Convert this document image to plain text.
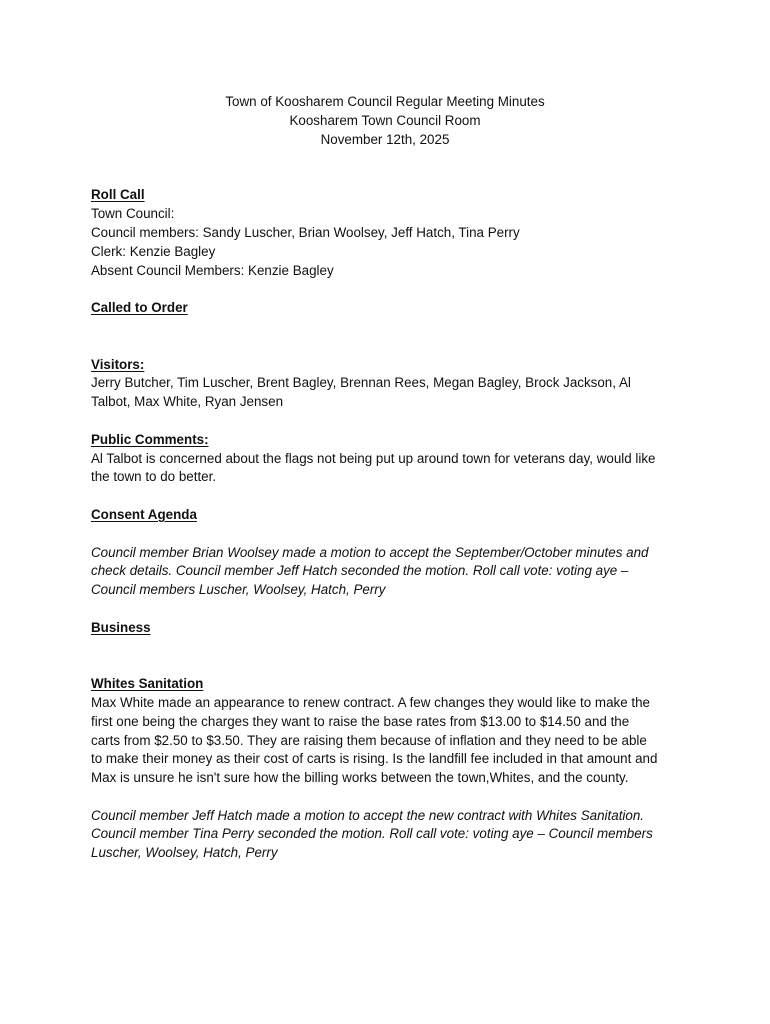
Town of Koosharem Council Regular Meeting Minutes
Koosharem Town Council Room
November 12th, 2025
Roll Call
Town Council:
Council members: Sandy Luscher, Brian Woolsey, Jeff Hatch, Tina Perry
Clerk: Kenzie Bagley
Absent Council Members: Kenzie Bagley
Called to Order
Visitors:
Jerry Butcher, Tim Luscher, Brent Bagley, Brennan Rees, Megan Bagley, Brock Jackson, Al
Talbot, Max White, Ryan Jensen
Public Comments:
Al Talbot is concerned about the flags not being put up around town for veterans day, would like
the town to do better.
Consent Agenda
Council member Brian Woolsey made a motion to accept the September/October minutes and
check details. Council member Jeff Hatch seconded the motion. Roll call vote: voting aye –
Council members Luscher, Woolsey, Hatch, Perry
Business
Whites Sanitation
Max White made an appearance to renew contract. A few changes they would like to make the
first one being the charges they want to raise the base rates from $13.00 to $14.50 and the
carts from $2.50 to $3.50. They are raising them because of inflation and they need to be able
to make their money as their cost of carts is rising. Is the landfill fee included in that amount and
Max is unsure he isn't sure how the billing works between the town,Whites, and the county.
Council member Jeff Hatch made a motion to accept the new contract with Whites Sanitation.
Council member Tina Perry seconded the motion. Roll call vote: voting aye – Council members
Luscher, Woolsey, Hatch, Perry
